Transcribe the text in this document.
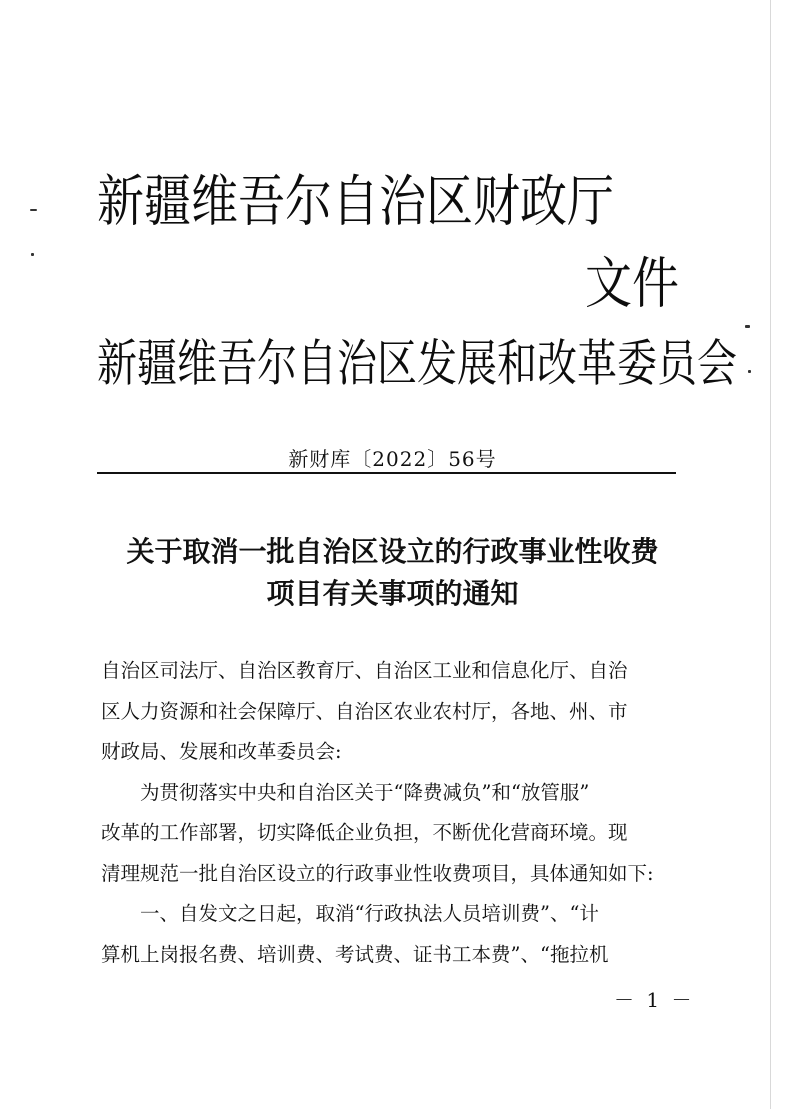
新疆维吾尔自治区财政厅
文件
新疆维吾尔自治区发展和改革委员会
新财库〔2022〕56号
关于取消一批自治区设立的行政事业性收费
项目有关事项的通知

自治区司法厅、自治区教育厅、自治区工业和信息化厅、自治
区人力资源和社会保障厅、自治区农业农村厅，各地、州、市
财政局、发展和改革委员会:

为贯彻落实中央和自治区关于“降费减负”和“放管服”
改革的工作部署，切实降低企业负担，不断优化营商环境。现
清理规范一批自治区设立的行政事业性收费项目，具体通知如下:

一、自发文之日起，取消“行政执法人员培训费”、“计
算机上岗报名费、培训费、考试费、证书工本费”、“拖拉机

－ 1 －
